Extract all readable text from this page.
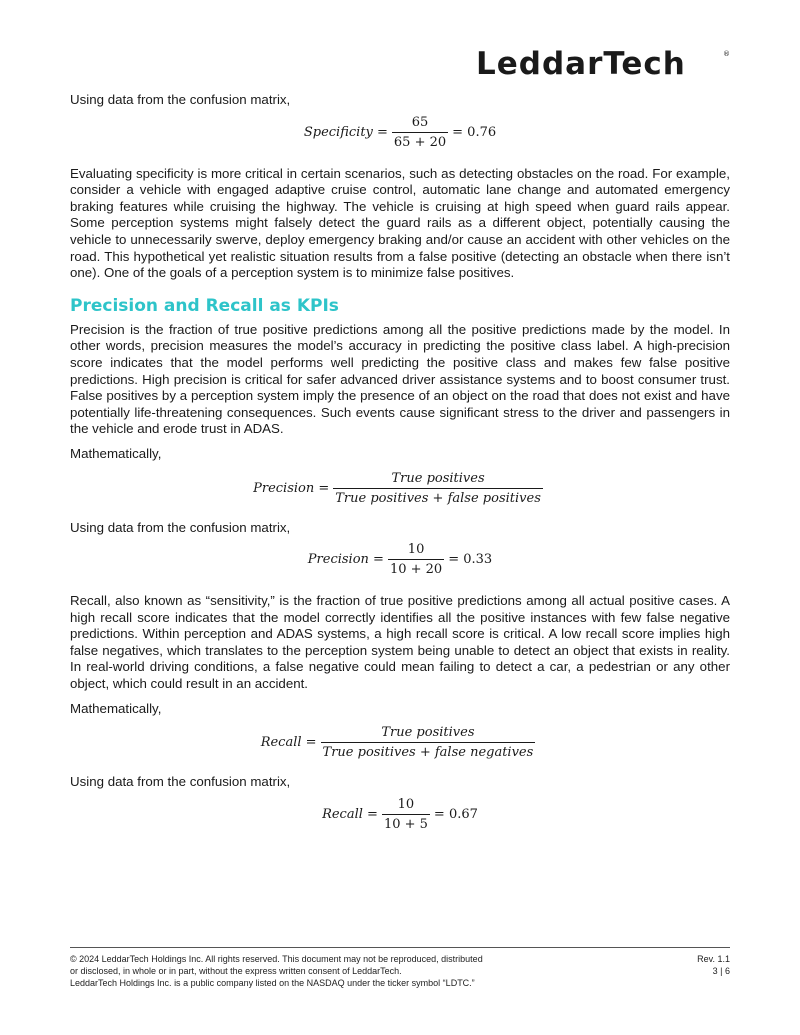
LeddarTech	®

Using data from the confusion matrix,

Specificity = $\frac{65}{65 + 20} = 0.76$

Evaluating specificity is more critical in certain scenarios, such as detecting obstacles on the road. For example, consider a vehicle with engaged adaptive cruise control, automatic lane change and automated emergency braking features while cruising the highway. The vehicle is cruising at high speed when guard rails appear. Some perception systems might falsely detect the guard rails as a different object, potentially causing the vehicle to unnecessarily swerve, deploy emergency braking and/or cause an accident with other vehicles on the road. This hypothetical yet realistic situation results from a false positive (detecting an obstacle when there isn’t one). One of the goals of a perception system is to minimize false positives.

Precision and Recall as KPIs

Precision is the fraction of true positive predictions among all the positive predictions made by the model. In other words, precision measures the model’s accuracy in predicting the positive class label. A high-precision score indicates that the model performs well predicting the positive class and makes few false positive predictions. High precision is critical for safer advanced driver assistance systems and to boost consumer trust. False positives by a perception system imply the presence of an object on the road that does not exist and have potentially life-threatening consequences. Such events cause significant stress to the driver and passengers in the vehicle and erode trust in ADAS.

Mathematically,

Precision = $\frac{\text{True positives}}{\text{True positives + false positives}}$

Using data from the confusion matrix,

Precision = $\frac{10}{10 + 20} = 0.33$

Recall, also known as “sensitivity,” is the fraction of true positive predictions among all actual positive cases. A high recall score indicates that the model correctly identifies all the positive instances with few false negative predictions. Within perception and ADAS systems, a high recall score is critical. A low recall score implies high false negatives, which translates to the perception system being unable to detect an object that exists in reality. In real-world driving conditions, a false negative could mean failing to detect a car, a pedestrian or any other object, which could result in an accident.

Mathematically,

Recall = $\frac{\text{True positives}}{\text{True positives + false negatives}}$

Using data from the confusion matrix,

Recall = $\frac{10}{10 + 5} = 0.67$
© 2024 LeddarTech Holdings Inc. All rights reserved. This document may not be reproduced, distributed	Rev. 1.1
or disclosed, in whole or in part, without the express written consent of LeddarTech.	3 | 6
LeddarTech Holdings Inc. is a public company listed on the NASDAQ under the ticker symbol “LDTC.”
